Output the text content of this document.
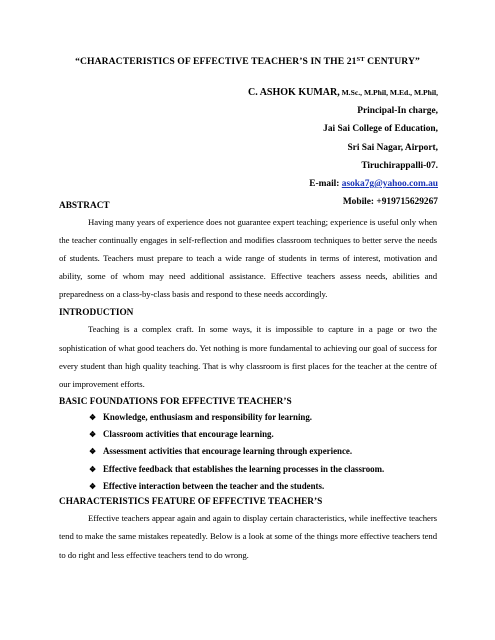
“CHARACTERISTICS OF EFFECTIVE TEACHER’S IN THE 21ST CENTURY”
C. ASHOK KUMAR, M.Sc., M.Phil, M.Ed., M.Phil,
Principal-In charge,
Jai Sai College of Education,
Sri Sai Nagar, Airport,
Tiruchirappalli-07.
E-mail: asoka7g@yahoo.com.au
Mobile: +919715629267

ABSTRACT

Having many years of experience does not guarantee expert teaching; experience is useful only when the teacher continually engages in self-reflection and modifies classroom techniques to better serve the needs of students. Teachers must prepare to teach a wide range of students in terms of interest, motivation and ability, some of whom may need additional assistance. Effective teachers assess needs, abilities and preparedness on a class-by-class basis and respond to these needs accordingly.

INTRODUCTION

Teaching is a complex craft. In some ways, it is impossible to capture in a page or two the sophistication of what good teachers do. Yet nothing is more fundamental to achieving our goal of success for every student than high quality teaching. That is why classroom is first places for the teacher at the centre of our improvement efforts.

BASIC FOUNDATIONS FOR EFFECTIVE TEACHER’S

❖ Knowledge, enthusiasm and responsibility for learning.
❖ Classroom activities that encourage learning.
❖ Assessment activities that encourage learning through experience.
❖ Effective feedback that establishes the learning processes in the classroom.
❖ Effective interaction between the teacher and the students.

CHARACTERISTICS FEATURE OF EFFECTIVE TEACHER’S

Effective teachers appear again and again to display certain characteristics, while ineffective teachers tend to make the same mistakes repeatedly. Below is a look at some of the things more effective teachers tend to do right and less effective teachers tend to do wrong.
